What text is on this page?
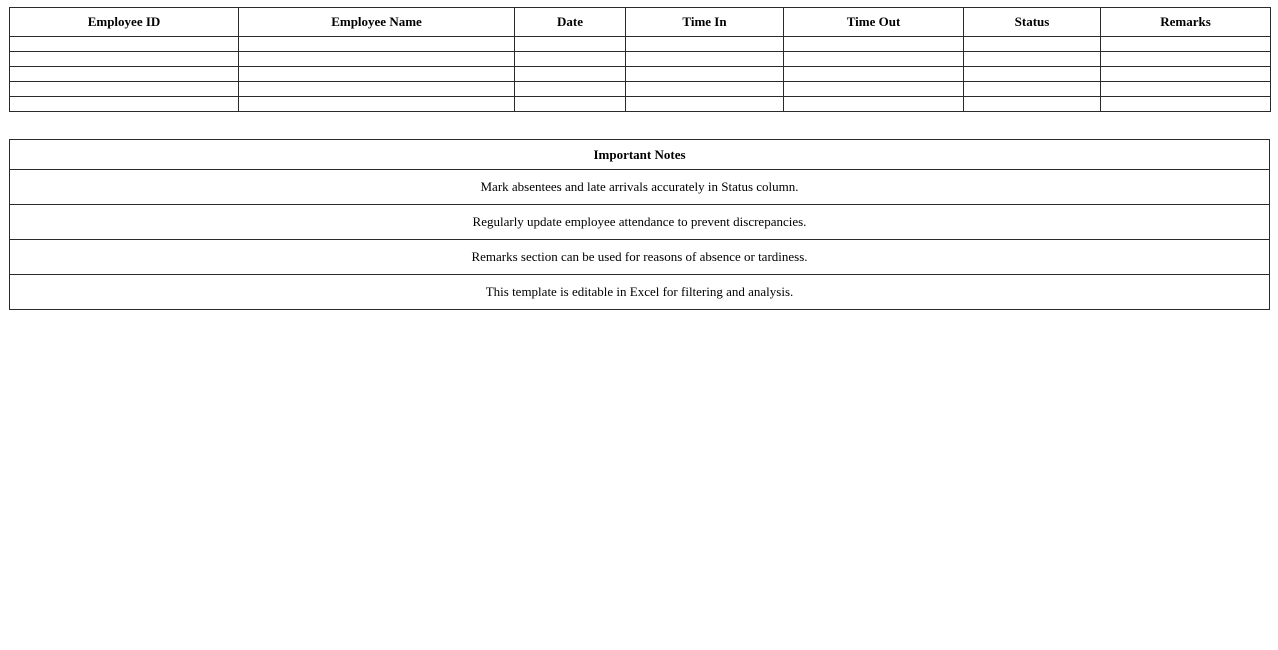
Employee ID	Employee Name	Date	Time In	Time Out	Status	Remarks

Important Notes
Mark absentees and late arrivals accurately in Status column.
Regularly update employee attendance to prevent discrepancies.
Remarks section can be used for reasons of absence or tardiness.
This template is editable in Excel for filtering and analysis.
